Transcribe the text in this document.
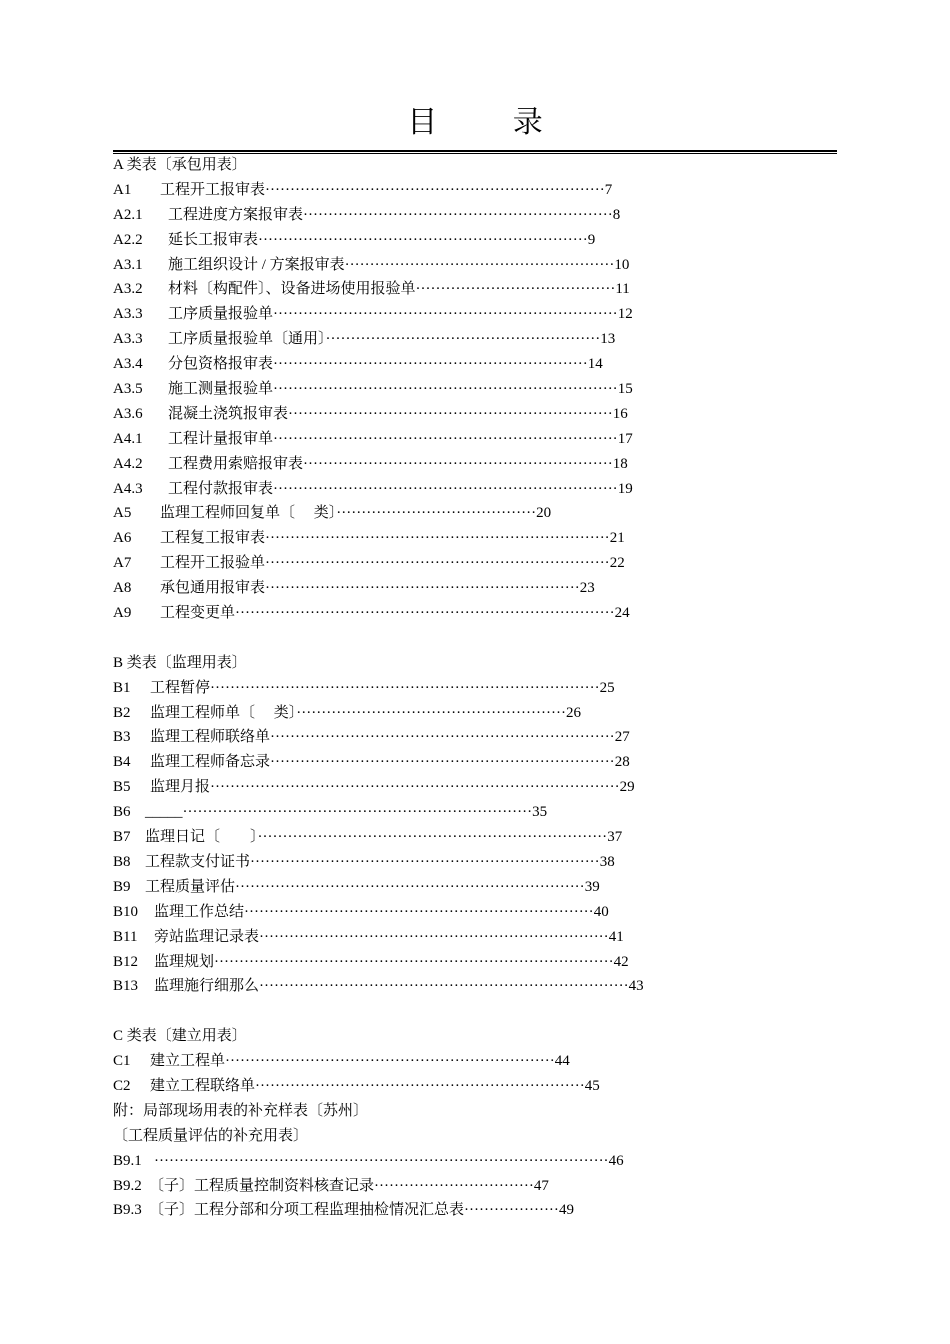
目 录
A 类表〔承包用表〕
A1 工程开工报审表····································································7
A2.1 工程进度方案报审表······························································8
A2.2 延长工报审表··································································9
A3.1 施工组织设计 / 方案报审表······················································10
A3.2 材料〔构配件〕、设备进场使用报验单········································11
A3.3 工序质量报验单·····································································12
A3.3 工序质量报验单〔通用〕·······················································13
A3.4 分包资格报审表·······························································14
A3.5 施工测量报验单·····································································15
A3.6 混凝土浇筑报审表·································································16
A4.1 工程计量报审单·····································································17
A4.2 工程费用索赔报审表······························································18
A4.3 工程付款报审表·····································································19
A5 监理工程师回复单〔　 类〕········································20
A6 工程复工报审表·····································································21
A7 工程开工报验单·····································································22
A8 承包通用报审表·······························································23
A9 工程变更单············································································24
B 类表〔监理用表〕
B1 工程暂停··············································································25
B2 监理工程师单〔　 类〕······················································26
B3 监理工程师联络单·····································································27
B4 监理工程师备忘录·····································································28
B5 监理月报··················································································29
B6 _____······································································35
B7 监理日记〔　　〕······································································37
B8 工程款支付证书······································································38
B9 工程质量评估······································································39
B10 监理工作总结······································································40
B11 旁站监理记录表······································································41
B12 监理规划················································································42
B13 监理施行细那么··········································································43
C 类表〔建立用表〕
C1 建立工程单··································································44
C2 建立工程联络单··································································45
附：局部现场用表的补充样表〔苏州〕
〔工程质量评估的补充用表〕
B9.1 ···························································································46
B9.2 〔子〕工程质量控制资料核查记录································47
B9.3 〔子〕工程分部和分项工程监理抽检情况汇总表···················49
